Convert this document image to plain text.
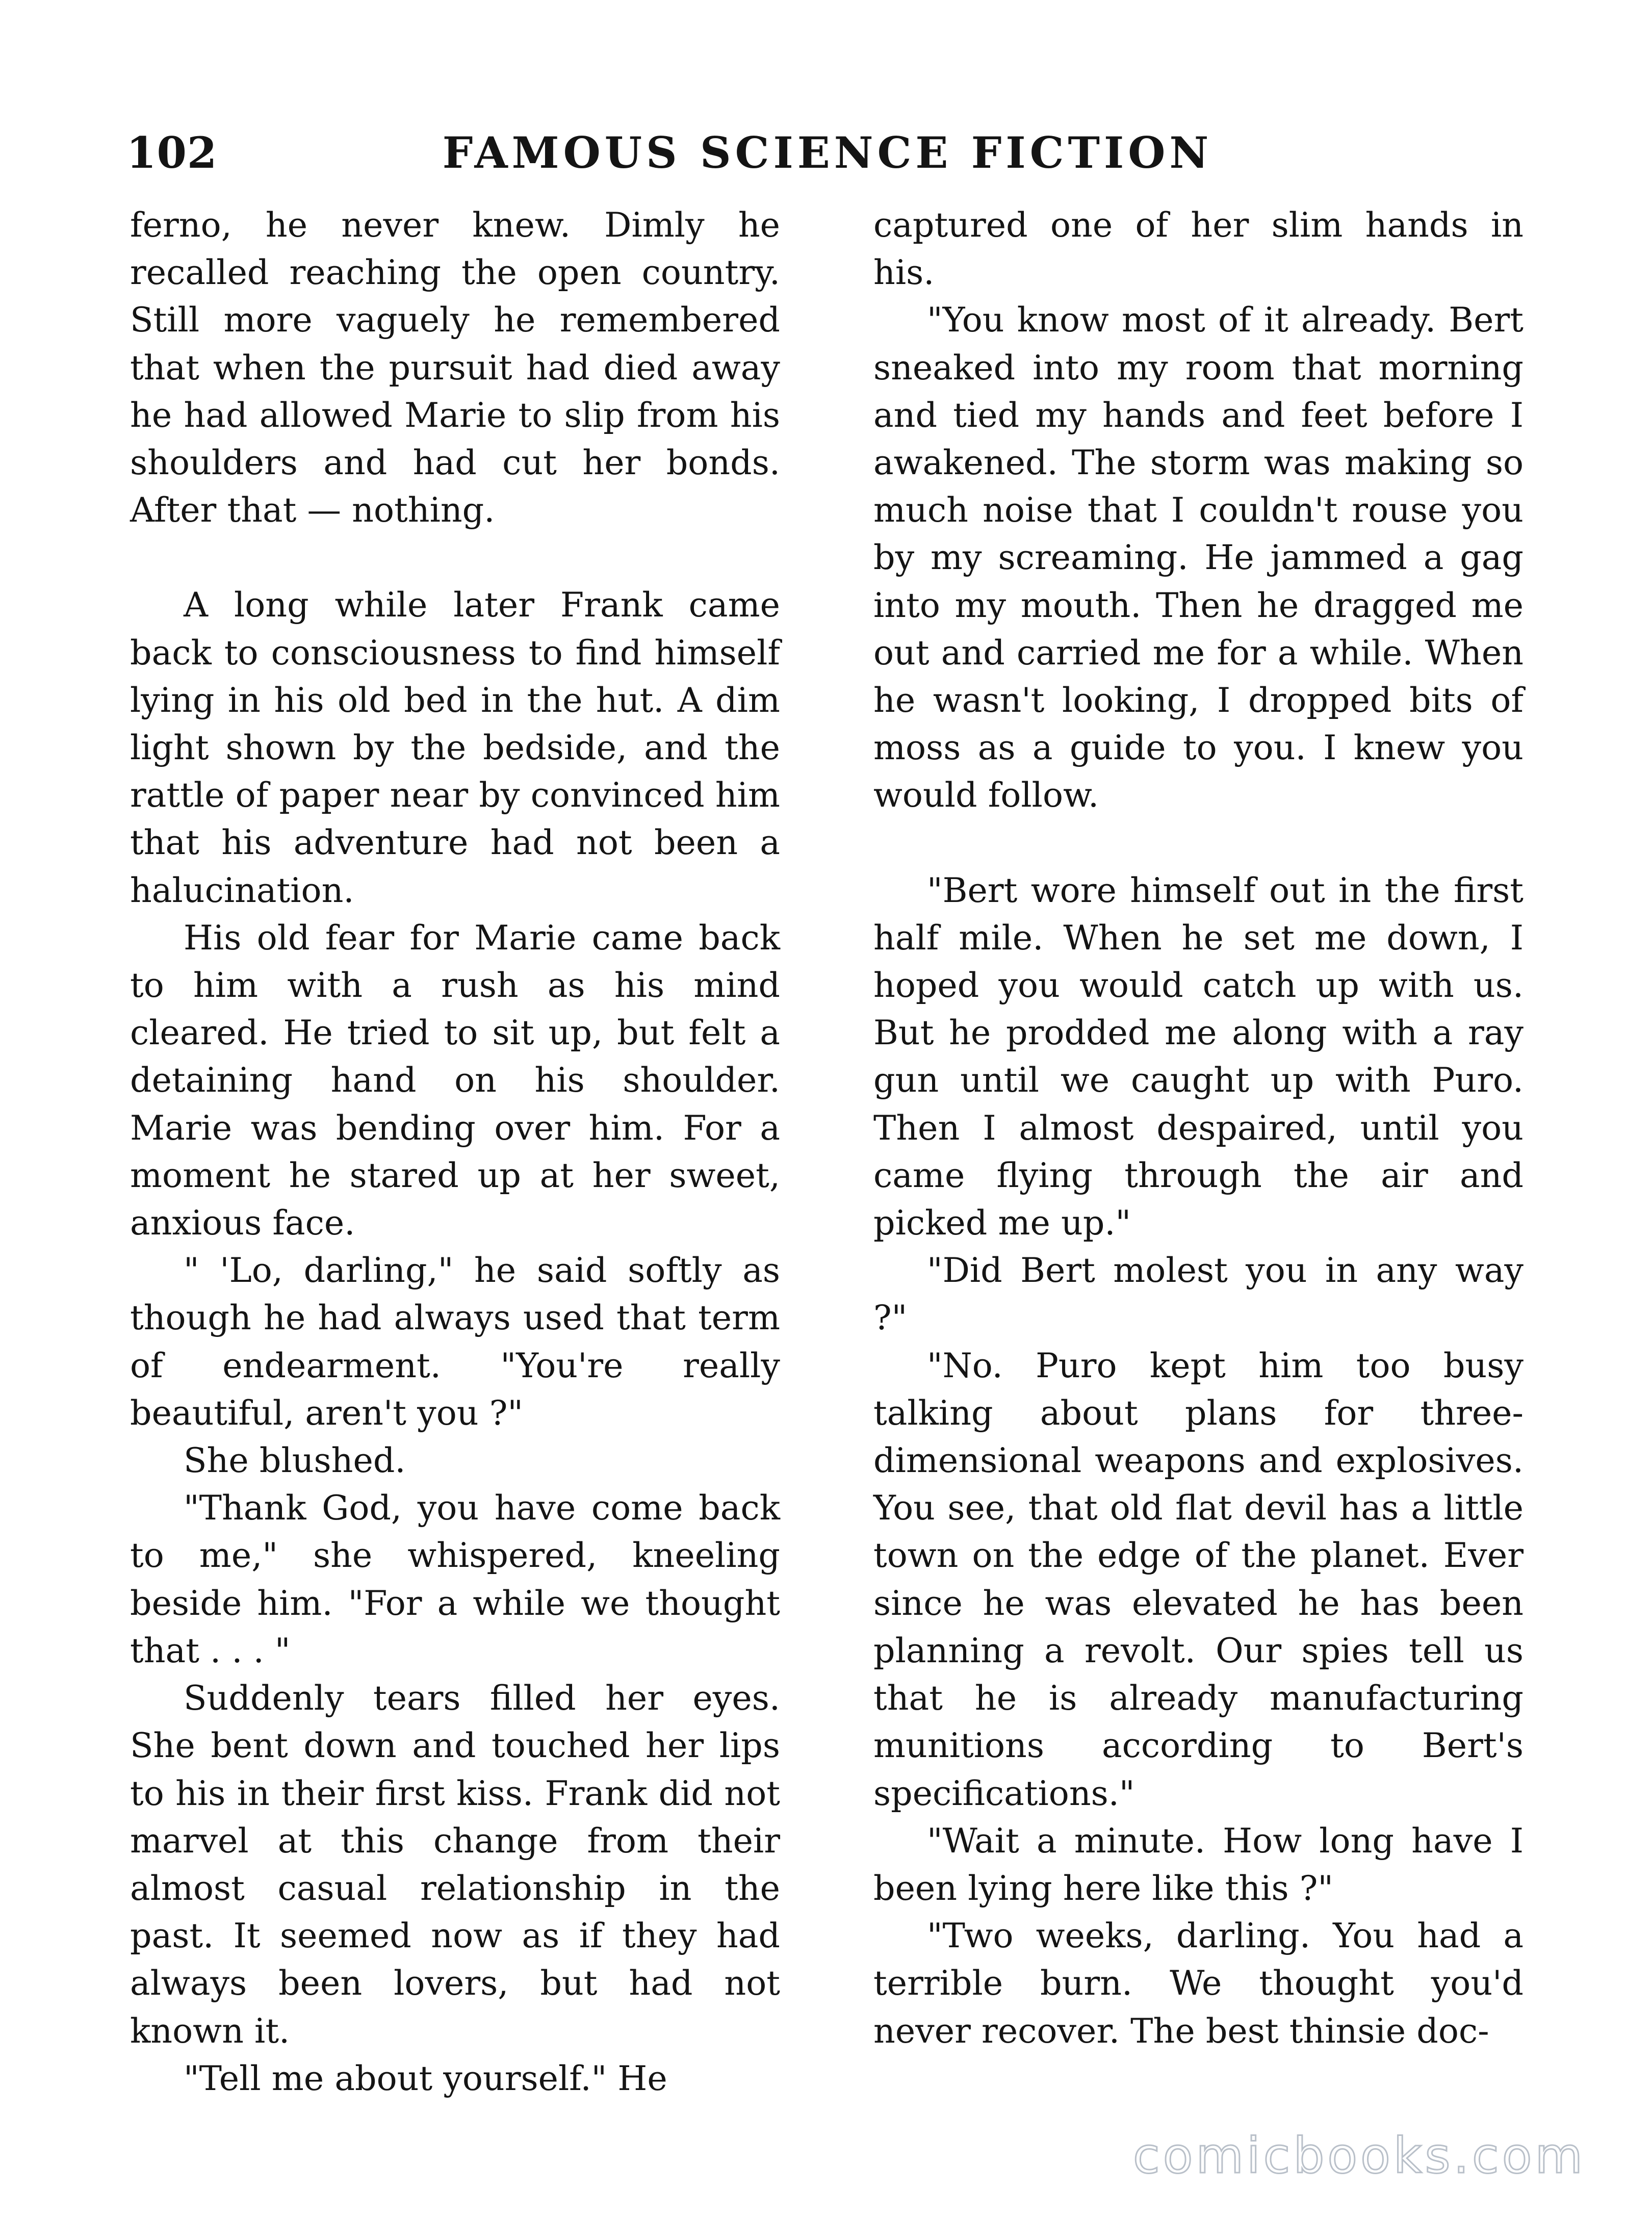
102	FAMOUS SCIENCE FICTION

ferno, he never knew. Dimly he recalled reaching the open country. Still more vaguely he remembered that when the pursuit had died away he had allowed Marie to slip from his shoulders and had cut her bonds. After that — nothing.

A long while later Frank came back to consciousness to find himself lying in his old bed in the hut. A dim light shown by the bedside, and the rattle of paper near by convinced him that his adventure had not been a halucination.

His old fear for Marie came back to him with a rush as his mind cleared. He tried to sit up, but felt a detaining hand on his shoulder. Marie was bending over him. For a moment he stared up at her sweet, anxious face.

" 'Lo, darling," he said softly as though he had always used that term of endearment. "You're really beautiful, aren't you ?"

She blushed.

"Thank God, you have come back to me," she whispered, kneeling beside him. "For a while we thought that . . . "

Suddenly tears filled her eyes. She bent down and touched her lips to his in their first kiss. Frank did not marvel at this change from their almost casual relationship in the past. It seemed now as if they had always been lovers, but had not known it.

"Tell me about yourself." He

captured one of her slim hands in his.

"You know most of it already. Bert sneaked into my room that morning and tied my hands and feet before I awakened. The storm was making so much noise that I couldn't rouse you by my screaming. He jammed a gag into my mouth. Then he dragged me out and carried me for a while. When he wasn't looking, I dropped bits of moss as a guide to you. I knew you would follow.

"Bert wore himself out in the first half mile. When he set me down, I hoped you would catch up with us. But he prodded me along with a ray gun until we caught up with Puro. Then I almost despaired, until you came flying through the air and picked me up."

"Did Bert molest you in any way ?"

"No. Puro kept him too busy talking about plans for three-dimensional weapons and explosives. You see, that old flat devil has a little town on the edge of the planet. Ever since he was elevated he has been planning a revolt. Our spies tell us that he is already manufacturing munitions according to Bert's specifications."

"Wait a minute. How long have I been lying here like this ?"

"Two weeks, darling. You had a terrible burn. We thought you'd never recover. The best thinsie doc-

comicbooks.com
